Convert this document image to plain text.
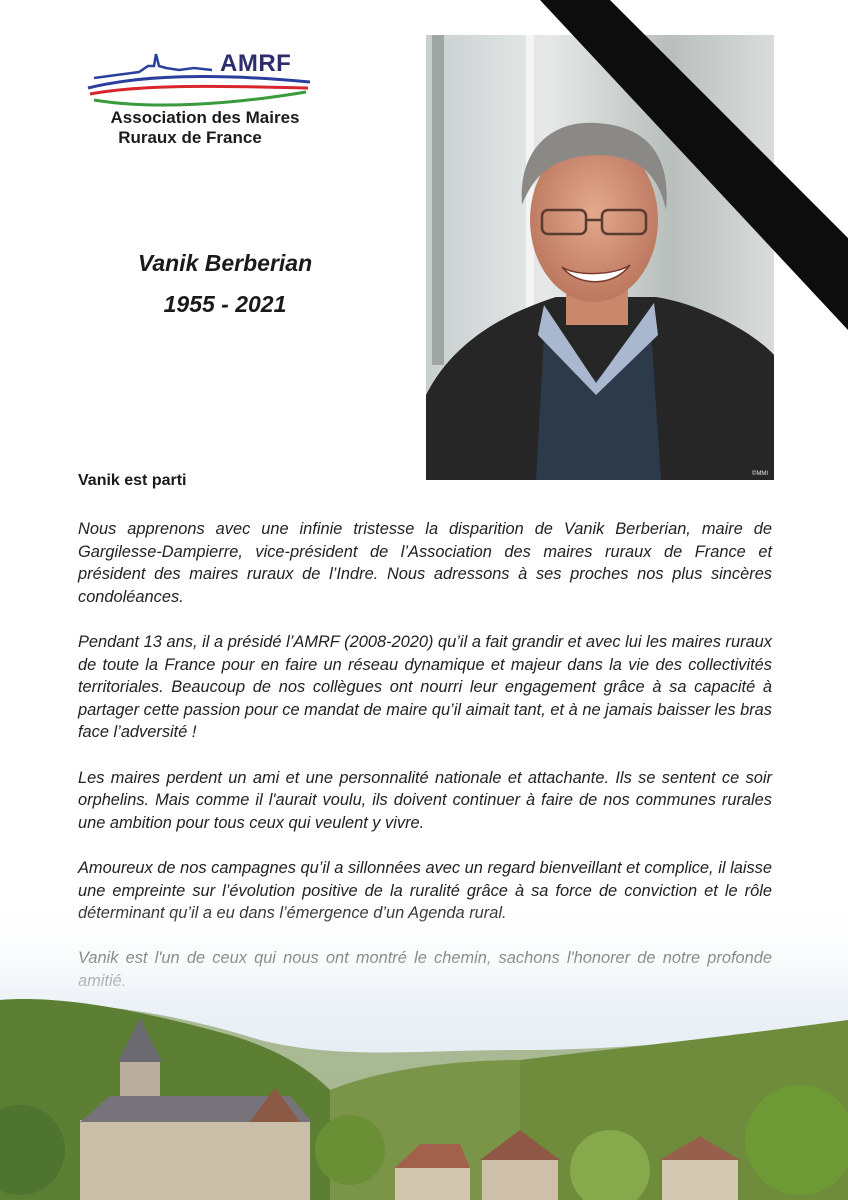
AMRF
Association des Maires
Ruraux de France
Vanik Berberian
1955 - 2021
©MMI
Vanik est parti

Nous apprenons avec une infinie tristesse la disparition de Vanik Berberian, maire de Gargilesse-Dampierre, vice-président de l’Association des maires ruraux de France et président des maires ruraux de l’Indre. Nous adressons à ses proches nos plus sincères condoléances.

Pendant 13 ans, il a présidé l’AMRF (2008-2020) qu’il a fait grandir et avec lui les maires ruraux de toute la France pour en faire un réseau dynamique et majeur dans la vie des collectivités territoriales. Beaucoup de nos collègues ont nourri leur engagement grâce à sa capacité à partager cette passion pour ce mandat de maire qu’il aimait tant, et à ne jamais baisser les bras face l’adversité !

Les maires perdent un ami et une personnalité nationale et attachante. Ils se sentent ce soir orphelins. Mais comme il l'aurait voulu, ils doivent continuer à faire de nos communes rurales une ambition pour tous ceux qui veulent y vivre.

Amoureux de nos campagnes qu’il a sillonnées avec un regard bienveillant et complice, il laisse une empreinte sur l’évolution positive de la ruralité grâce à sa force de conviction et le rôle
